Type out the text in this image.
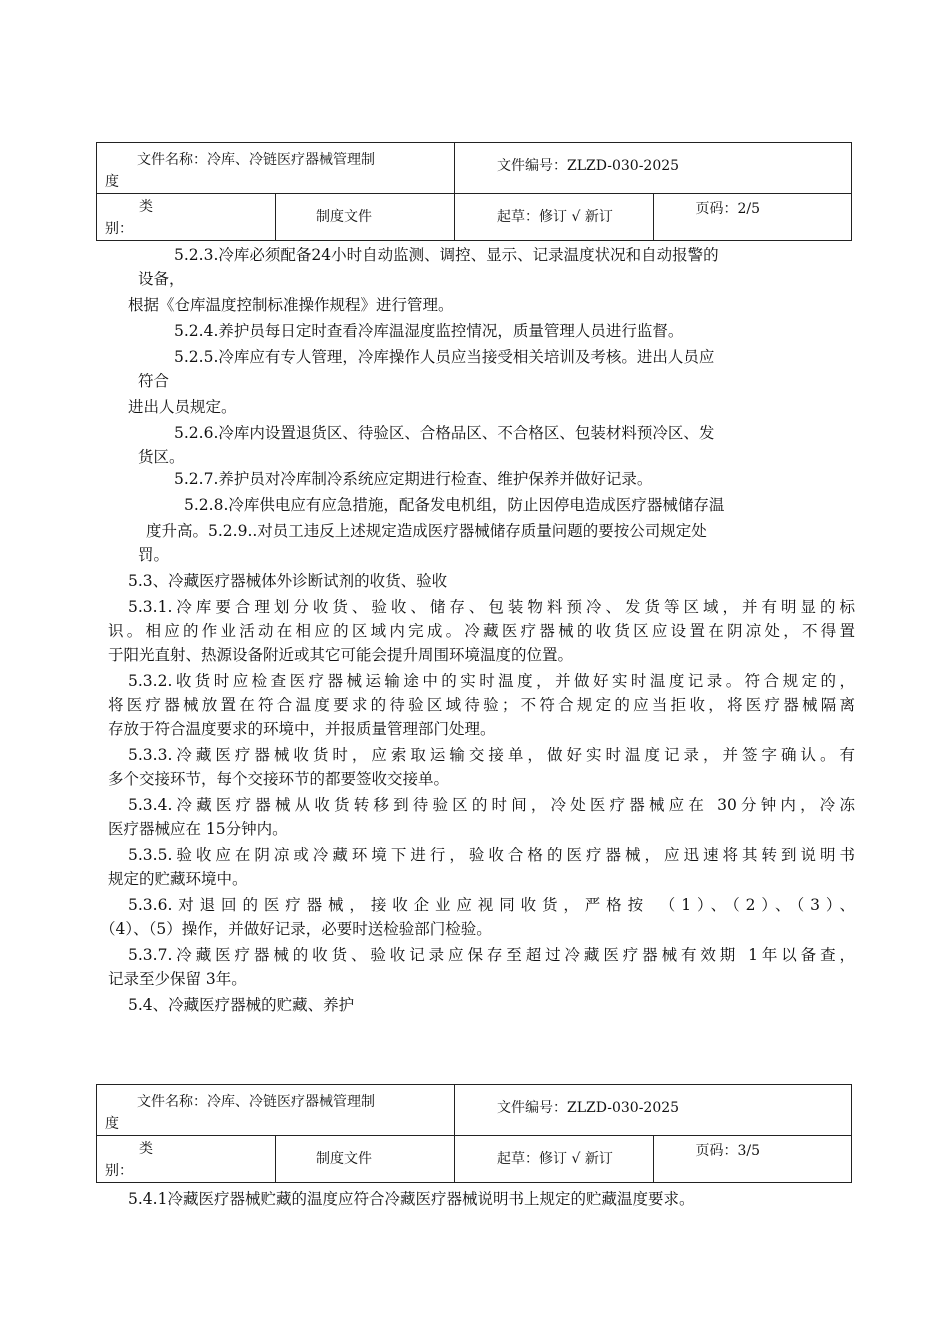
文件名称：冷库、冷链医疗器械管理制
度		文件编号：ZLZD-030-2025	

类
别：	制度文件	起草：修订 √ 新订	页码：2/5
5.2.3.冷库必须配备24小时自动监测、调控、显示、记录温度状况和自动报警的
设备，
根据《仓库温度控制标准操作规程》进行管理。
5.2.4.养护员每日定时查看冷库温湿度监控情况，质量管理人员进行监督。
5.2.5.冷库应有专人管理，冷库操作人员应当接受相关培训及考核。进出人员应
符合
进出人员规定。
5.2.6.冷库内设置退货区、待验区、合格品区、不合格区、包装材料预冷区、发
货区。
5.2.7.养护员对冷库制冷系统应定期进行检查、维护保养并做好记录。
5.2.8.冷库供电应有应急措施，配备发电机组，防止因停电造成医疗器械储存温
度升高。5.2.9..对员工违反上述规定造成医疗器械储存质量问题的要按公司规定处
罚。
5.3、冷藏医疗器械体外诊断试剂的收货、验收
5.3.1.冷库要合理划分收货、验收、储存、包装物料预冷、发货等区域，并有明显的标
识。相应的作业活动在相应的区域内完成。冷藏医疗器械的收货区应设置在阴凉处，不得置
于阳光直射、热源设备附近或其它可能会提升周围环境温度的位置。
5.3.2.收货时应检查医疗器械运输途中的实时温度，并做好实时温度记录。符合规定的，
将医疗器械放置在符合温度要求的待验区域待验；不符合规定的应当拒收，将医疗器械隔离
存放于符合温度要求的环境中，并报质量管理部门处理。
5.3.3.冷藏医疗器械收货时，应索取运输交接单，做好实时温度记录，并签字确认。有
多个交接环节，每个交接环节的都要签收交接单。
5.3.4.冷藏医疗器械从收货转移到待验区的时间，冷处医疗器械应在 30分钟内，冷冻
医疗器械应在 15分钟内。
5.3.5.验收应在阴凉或冷藏环境下进行，验收合格的医疗器械，应迅速将其转到说明书
规定的贮藏环境中。
5.3.6.对退回的医疗器械，接收企业应视同收货，严格按 （1）、（2）、（3）、
（4）、（5）操作，并做好记录，必要时送检验部门检验。
5.3.7.冷藏医疗器械的收货、验收记录应保存至超过冷藏医疗器械有效期 1年以备查，
记录至少保留 3年。
5.4、冷藏医疗器械的贮藏、养护
文件名称：冷库、冷链医疗器械管理制
度		文件编号：ZLZD-030-2025	

类
别：	制度文件	起草：修订 √ 新订	页码：3/5
5.4.1冷藏医疗器械贮藏的温度应符合冷藏医疗器械说明书上规定的贮藏温度要求。
